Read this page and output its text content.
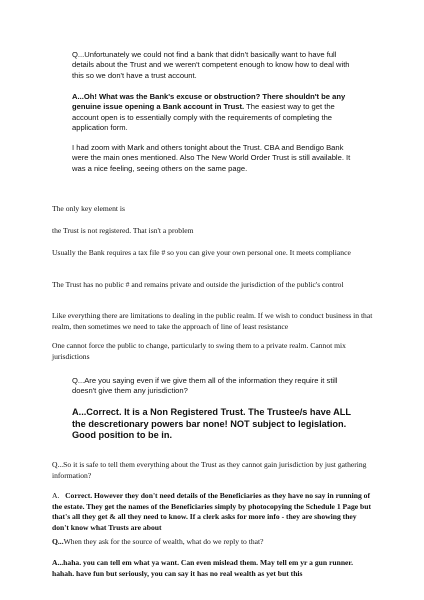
Q...Unfortunately we could not find a bank that didn't basically want to have full details about the Trust and we weren't competent enough to know how to deal with this so we don't have a trust account.

A...Oh! What was the Bank's excuse or obstruction? There shouldn't be any genuine issue opening a Bank account in Trust. The easiest way to get the account open is to essentially comply with the requirements of completing the application form.

I had zoom with Mark and others tonight about the Trust. CBA and Bendigo Bank were the main ones mentioned. Also The New World Order Trust is still available. It was a nice feeling, seeing others on the same page.

The only key element is

the Trust is not registered. That isn't a problem

Usually the Bank requires a tax file # so you can give your own personal one. It meets compliance

The Trust has no public # and remains private and outside the jurisdiction of the public's control

Like everything there are limitations to dealing in the public realm. If we wish to conduct business in that realm, then sometimes we need to take the approach of line of least resistance

One cannot force the public to change, particularly to swing them to a private realm. Cannot mix jurisdictions

Q...Are you saying even if we give them all of the information they require it still doesn't give them any jurisdiction?

A...Correct. It is a Non Registered Trust. The Trustee/s have ALL the descretionary powers bar none! NOT subject to legislation. Good position to be in.

Q...So it is safe to tell them everything about the Trust as they cannot gain jurisdiction by just gathering information?

A.   Correct. However they don't need details of the Beneficiaries as they have no say in running of the estate. They get the names of the Beneficiaries simply by photocopying the Schedule 1 Page but that's all they get & all they need to know. If a clerk asks for more info - they are showing they don't know what Trusts are about

Q...When they ask for the source of wealth, what do we reply to that?

A...haha. you can tell em what ya want. Can even mislead them. May tell em yr a gun runner. hahah. have fun but seriously, you can say it has no real wealth as yet but this
